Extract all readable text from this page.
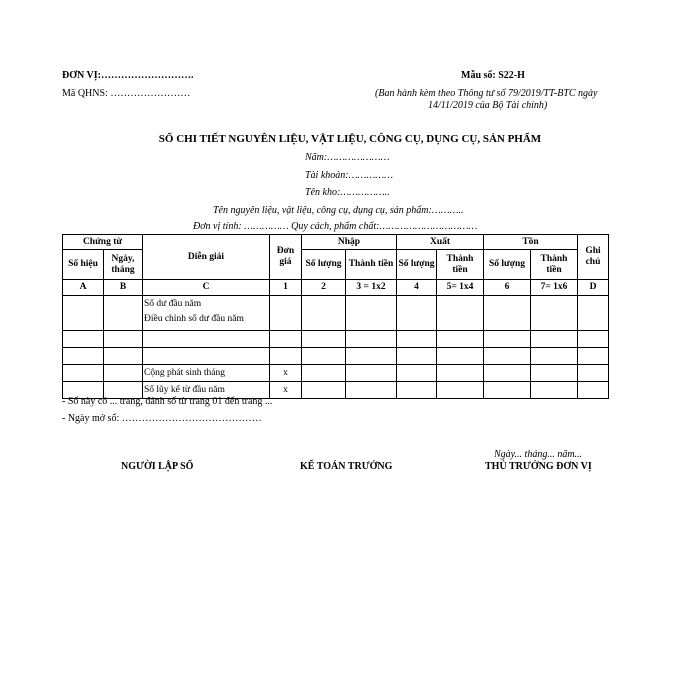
ĐƠN VỊ:……………………….
Mã QHNS: ……………………
Mẫu số: S22-H
(Ban hành kèm theo Thông tư số 79/2019/TT-BTC ngày
14/11/2019 của Bộ Tài chính)
SỔ CHI TIẾT NGUYÊN LIỆU, VẬT LIỆU, CÔNG CỤ, DỤNG CỤ, SẢN PHẨM
Năm:…………………
Tài khoản:……………
Tên kho:……………..
Tên nguyên liệu, vật liệu, công cụ, dụng cụ, sản phẩm:………..
Đơn vị tính: …………… Quy cách, phẩm chất:……………………………
Chứng từ		Diễn giải	Đơn giá	Nhập		Xuất		Tồn		Ghi chú
Số hiệu	Ngày, tháng			Số lượng	Thành tiền	Số lượng	Thành tiền	Số lượng	Thành tiền	
A	B	C	1	2	3 = 1x2	4	5= 1x4	6	7= 1x6	D

		Số dư đầu năm
Điều chỉnh số dư đầu năm								

		Cộng phát sinh tháng	x							
		Số lũy kế từ đầu năm	x							
- Sổ này có ... trang, đánh số từ trang 01 đến trang ...
- Ngày mở sổ: ……………………………………
Ngày... tháng... năm...
NGƯỜI LẬP SỔ	KẾ TOÁN TRƯỞNG	THỦ TRƯỞNG ĐƠN VỊ
